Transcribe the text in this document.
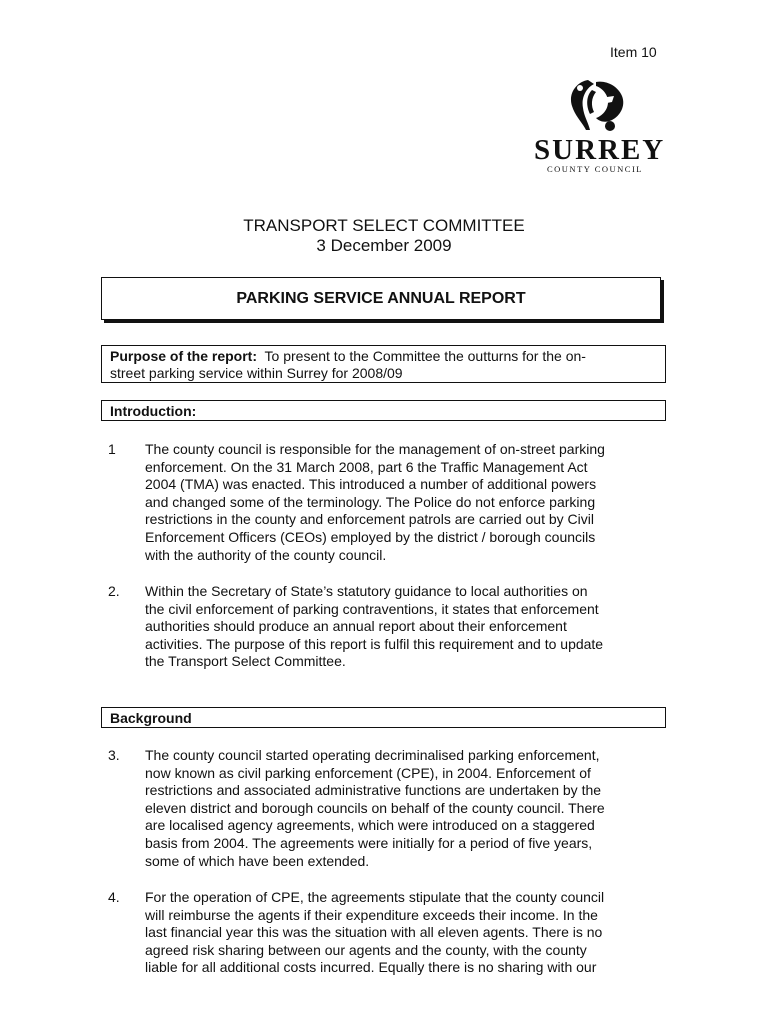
Item 10
SURREY
COUNTY COUNCIL
TRANSPORT SELECT COMMITTEE
3 December 2009
PARKING SERVICE ANNUAL REPORT
Purpose of the report: To present to the Committee the outturns for the on-
street parking service within Surrey for 2008/09
Introduction:
1 The county council is responsible for the management of on-street parking
enforcement. On the 31 March 2008, part 6 the Traffic Management Act
2004 (TMA) was enacted. This introduced a number of additional powers
and changed some of the terminology. The Police do not enforce parking
restrictions in the county and enforcement patrols are carried out by Civil
Enforcement Officers (CEOs) employed by the district / borough councils
with the authority of the county council.
2. Within the Secretary of State’s statutory guidance to local authorities on
the civil enforcement of parking contraventions, it states that enforcement
authorities should produce an annual report about their enforcement
activities. The purpose of this report is fulfil this requirement and to update
the Transport Select Committee.
Background
3. The county council started operating decriminalised parking enforcement,
now known as civil parking enforcement (CPE), in 2004. Enforcement of
restrictions and associated administrative functions are undertaken by the
eleven district and borough councils on behalf of the county council. There
are localised agency agreements, which were introduced on a staggered
basis from 2004. The agreements were initially for a period of five years,
some of which have been extended.
4. For the operation of CPE, the agreements stipulate that the county council
will reimburse the agents if their expenditure exceeds their income. In the
last financial year this was the situation with all eleven agents. There is no
agreed risk sharing between our agents and the county, with the county
liable for all additional costs incurred. Equally there is no sharing with our
